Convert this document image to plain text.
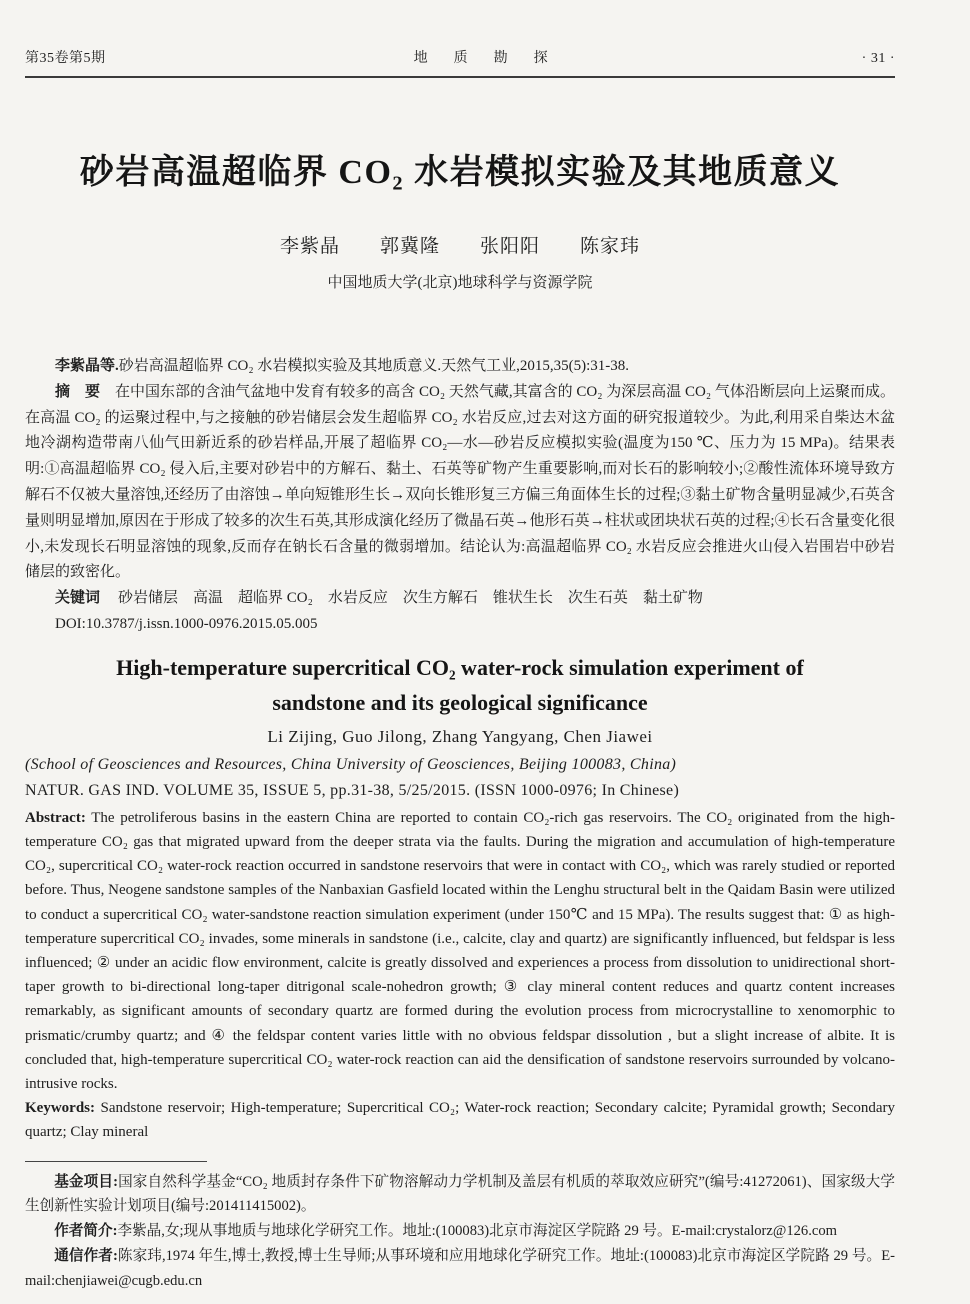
第35卷第5期	地　质　勘　探	· 31 ·
砂岩高温超临界 CO₂ 水岩模拟实验及其地质意义
李紫晶　　郭冀隆　　张阳阳　　陈家玮
中国地质大学(北京)地球科学与资源学院

李紫晶等.砂岩高温超临界 CO₂ 水岩模拟实验及其地质意义.天然气工业,2015,35(5):31-38.

摘　要 在中国东部的含油气盆地中发育有较多的高含 CO₂ 天然气藏,其富含的 CO₂ 为深层高温 CO₂ 气体沿断层向上运聚而成。在高温 CO₂ 的运聚过程中,与之接触的砂岩储层会发生超临界 CO₂ 水岩反应,过去对这方面的研究报道较少。为此,利用采自柴达木盆地冷湖构造带南八仙气田新近系的砂岩样品,开展了超临界 CO₂—水—砂岩反应模拟实验(温度为150 ℃、压力为 15 MPa)。结果表明:①高温超临界 CO₂ 侵入后,主要对砂岩中的方解石、黏土、石英等矿物产生重要影响,而对长石的影响较小;②酸性流体环境导致方解石不仅被大量溶蚀,还经历了由溶蚀→单向短锥形生长→双向长锥形复三方偏三角面体生长的过程;③黏土矿物含量明显减少,石英含量则明显增加,原因在于形成了较多的次生石英,其形成演化经历了微晶石英→他形石英→柱状或团块状石英的过程;④长石含量变化很小,未发现长石明显溶蚀的现象,反而存在钠长石含量的微弱增加。结论认为:高温超临界 CO₂ 水岩反应会推进火山侵入岩围岩中砂岩储层的致密化。

关键词 砂岩储层　高温　超临界 CO₂　水岩反应　次生方解石　锥状生长　次生石英　黏土矿物

DOI:10.3787/j.issn.1000-0976.2015.05.005

High-temperature supercritical CO₂ water-rock simulation experiment of
sandstone and its geological significance
Li Zijing, Guo Jilong, Zhang Yangyang, Chen Jiawei
(School of Geosciences and Resources, China University of Geosciences, Beijing 100083, China)
NATUR. GAS IND. VOLUME 35, ISSUE 5, pp.31-38, 5/25/2015. (ISSN 1000-0976; In Chinese)

Abstract: The petroliferous basins in the eastern China are reported to contain CO₂-rich gas reservoirs. The CO₂ originated from the high-temperature CO₂ gas that migrated upward from the deeper strata via the faults. During the migration and accumulation of high-temperature CO₂, supercritical CO₂ water-rock reaction occurred in sandstone reservoirs that were in contact with CO₂, which was rarely studied or reported before. Thus, Neogene sandstone samples of the Nanbaxian Gasfield located within the Lenghu structural belt in the Qaidam Basin were utilized to conduct a supercritical CO₂ water-sandstone reaction simulation experiment (under 150℃ and 15 MPa). The results suggest that: ① as high-temperature supercritical CO₂ invades, some minerals in sandstone (i.e., calcite, clay and quartz) are significantly influenced, but feldspar is less influenced; ② under an acidic flow environment, calcite is greatly dissolved and experiences a process from dissolution to unidirectional short-taper growth to bi-directional long-taper ditrigonal scale-nohedron growth; ③ clay mineral content reduces and quartz content increases remarkably, as significant amounts of secondary quartz are formed during the evolution process from microcrystalline to xenomorphic to prismatic/crumby quartz; and ④ the feldspar content varies little with no obvious feldspar dissolution , but a slight increase of albite. It is concluded that, high-temperature supercritical CO₂ water-rock reaction can aid the densification of sandstone reservoirs surrounded by volcano-intrusive rocks.

Keywords: Sandstone reservoir; High-temperature; Supercritical CO₂; Water-rock reaction; Secondary calcite; Pyramidal growth; Secondary quartz; Clay mineral

基金项目:国家自然科学基金“CO₂ 地质封存条件下矿物溶解动力学机制及盖层有机质的萃取效应研究”(编号:41272061)、国家级大学生创新性实验计划项目(编号:201411415002)。

作者简介:李紫晶,女;现从事地质与地球化学研究工作。地址:(100083)北京市海淀区学院路 29 号。E-mail:crystalorz@126.com

通信作者:陈家玮,1974 年生,博士,教授,博士生导师;从事环境和应用地球化学研究工作。地址:(100083)北京市海淀区学院路 29 号。E-mail:chenjiawei@cugb.edu.cn
